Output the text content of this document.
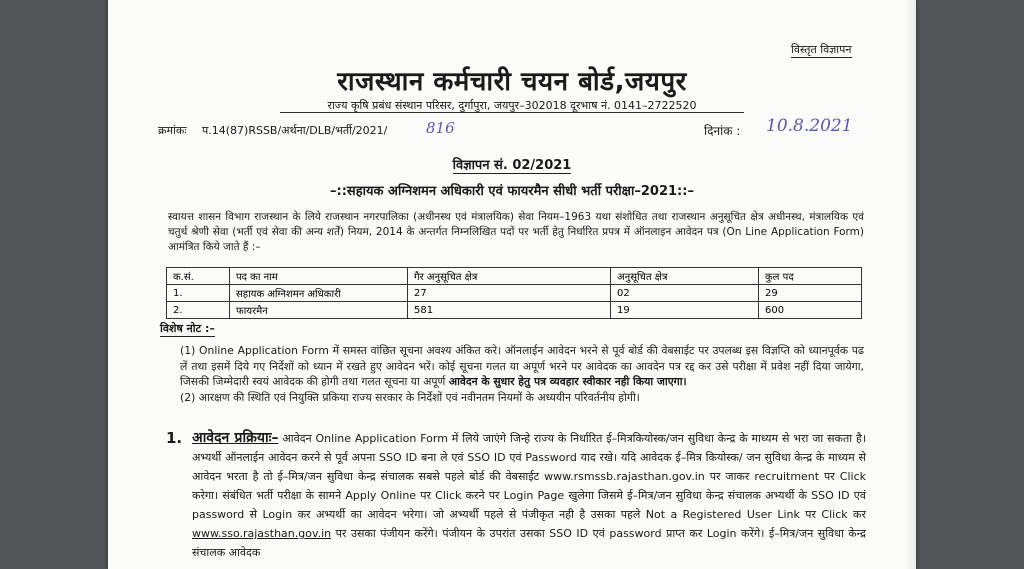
विस्तृत विज्ञापन
राजस्थान कर्मचारी चयन बोर्ड,जयपुर
राज्य कृषि प्रबंध संस्थान परिसर, दुर्गापुरा, जयपुर–302018 दूरभाष नं. 0141–2722520
क्रमांकः प.14(87)RSSB/अर्थना/DLB/भर्ती/2021/	816	दिनांक : 10.8.2021
विज्ञापन सं. 02/2021
–::सहायक अग्निशमन अधिकारी एवं फायरमैन सीधी भर्ती परीक्षा–2021::–
स्वायत्त शासन विभाग राजस्थान के लिये राजस्थान नगरपालिका (अधीनस्थ एवं मंत्रालयिक) सेवा नियम–1963 यथा संशोधित तथा राजस्थान अनुसूचित क्षेत्र अधीनस्थ, मंत्रालयिक एवं चतुर्थ श्रेणी सेवा (भर्ती एवं सेवा की अन्य शर्तें) नियम, 2014 के अन्तर्गत निम्नलिखित पदों पर भर्ती हेतु निर्धारित प्रपत्र में ऑनलाइन आवेदन पत्र (On Line Application Form) आमंत्रित किये जाते हैं :–
क.सं.	पद का नाम	गैर अनुसूचित क्षेत्र	अनुसूचित क्षेत्र	कुल पद
1.	सहायक अग्निशमन अधिकारी	27	02	29
2.	फायरमैन	581	19	600
विशेष नोट :–

(1) Online Application Form में समस्त वांछित सूचना अवश्य अंकित करे। ऑनलाईन आवेदन भरने से पूर्व बोर्ड की वेबसाईट पर उपलब्ध इस विज्ञप्ति को ध्यानपूर्वक पढ लें तथा इसमें दिये गए निर्देशों को ध्यान में रखते हुए आवेदन भरें। कोई सूचना गलत या अपूर्ण भरने पर आवेदक का आवदेन पत्र रद्द कर उसे परीक्षा में प्रवेश नहीं दिया जायेगा, जिसकी जिम्मेदारी स्वयं आवेदक की होगी तथा गलत सूचना या अपूर्ण आवेदन के सुधार हेतु पत्र व्यवहार स्वीकार नही किया जाएगा।

(2) आरक्षण की स्थिति एवं नियुक्ति प्रकिया राज्य सरकार के निर्देशों एवं नवीनतम नियमों के अध्ययीन परिवर्तनीय होगी।

1. आवेदन प्रक्रियाः– आवेदन Online Application Form में लिये जाएंगे जिन्हे राज्य के निर्धारित ई–मित्रकियोस्क/जन सुविधा केन्द्र के माध्यम से भरा जा सकता है। अभ्यर्थी ऑनलाईन आवेदन करने से पूर्व अपना SSO ID बना ले एवं SSO ID एवं Password याद रखे। यदि आवेदक ई–मित्र कियोस्क/ जन सुविधा केन्द्र के माध्यम से आवेदन भरता है तो ई–मित्र/जन सुविधा केन्द्र संचालक सबसे पहले बोर्ड की वेबसाईट www.rsmssb.rajasthan.gov.in पर जाकर recruitment पर Click करेगा। संबंधित भर्ती परीक्षा के सामने Apply Online पर Click करने पर Login Page खुलेगा जिसमे ई–मित्र/जन सुविधा केन्द्र संचालक अभ्यर्थी के SSO ID एवं password से Login कर अभ्यर्थी का आवेदन भरेगा। जो अभ्यर्थी पहले से पंजीकृत नही है उसका पहले Not a Registered User Link पर Click कर www.sso.rajasthan.gov.in पर उसका पंजीयन करेंगे। पंजीयन के उपरांत उसका SSO ID एवं password प्राप्त कर Login करेंगे। ई–मित्र/जन सुविधा केन्द्र संचालक आवेदक
